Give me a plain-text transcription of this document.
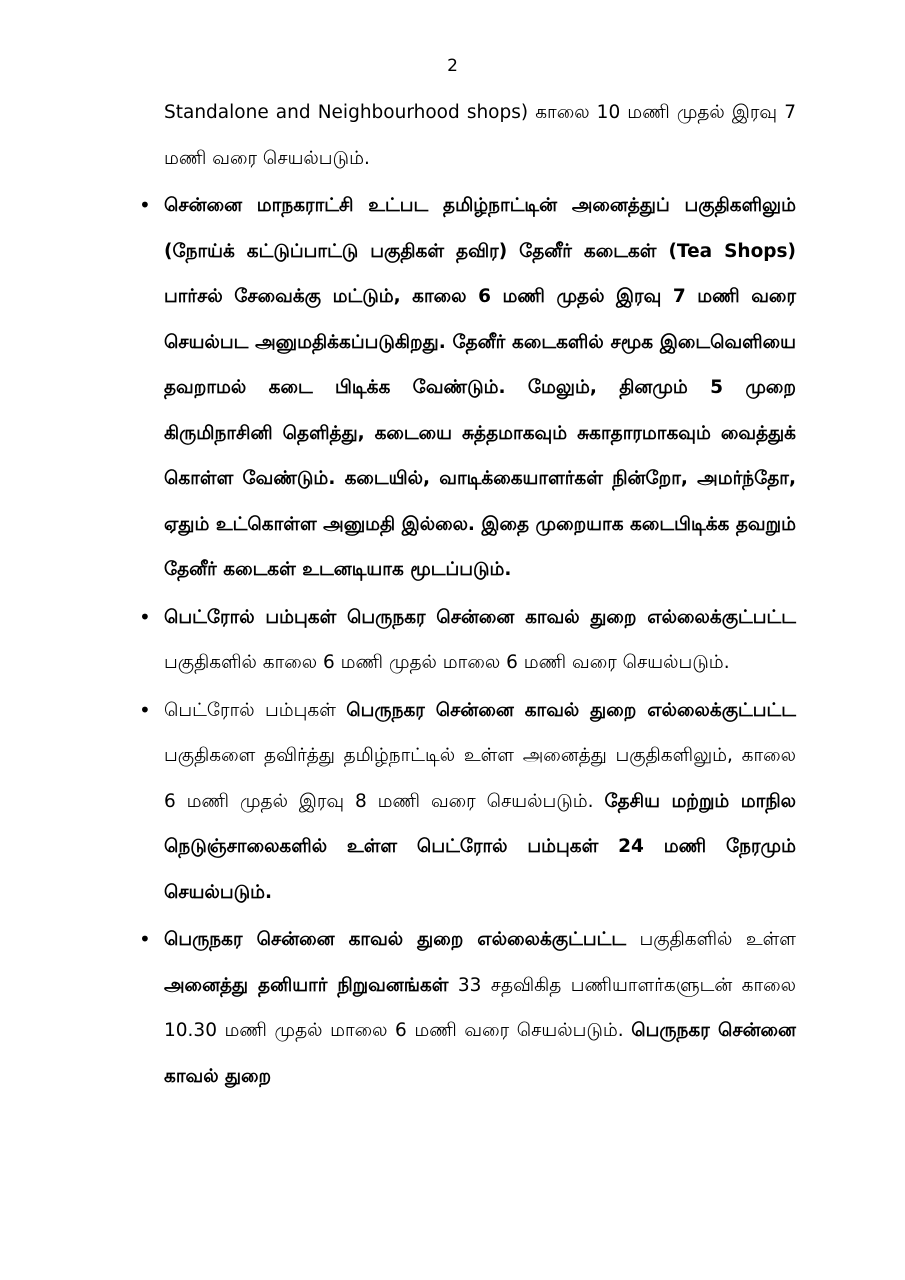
2

Standalone and Neighbourhood shops) காலை 10 மணி முதல் இரவு 7 மணி வரை செயல்படும்.

• சென்னை மாநகராட்சி உட்பட தமிழ்நாட்டின் அனைத்துப் பகுதிகளிலும் (நோய்க் கட்டுப்பாட்டு பகுதிகள் தவிர) தேனீர் கடைகள் (Tea Shops) பார்சல் சேவைக்கு மட்டும், காலை 6 மணி முதல் இரவு 7 மணி வரை செயல்பட அனுமதிக்கப்படுகிறது. தேனீர் கடைகளில் சமூக இடைவெளியை தவறாமல் கடை பிடிக்க வேண்டும். மேலும், தினமும் 5 முறை கிருமிநாசினி தெளித்து, கடையை சுத்தமாகவும் சுகாதாரமாகவும் வைத்துக் கொள்ள வேண்டும். கடையில், வாடிக்கையாளர்கள் நின்றோ, அமர்ந்தோ, ஏதும் உட்கொள்ள அனுமதி இல்லை. இதை முறையாக கடைபிடிக்க தவறும் தேனீர் கடைகள் உடனடியாக மூடப்படும்.

• பெட்ரோல் பம்புகள் பெருநகர சென்னை காவல் துறை எல்லைக்குட்பட்ட பகுதிகளில் காலை 6 மணி முதல் மாலை 6 மணி வரை செயல்படும்.

• பெட்ரோல் பம்புகள் பெருநகர சென்னை காவல் துறை எல்லைக்குட்பட்ட பகுதிகளை தவிர்த்து தமிழ்நாட்டில் உள்ள அனைத்து பகுதிகளிலும், காலை 6 மணி முதல் இரவு 8 மணி வரை செயல்படும். தேசிய மற்றும் மாநில நெடுஞ்சாலைகளில் உள்ள பெட்ரோல் பம்புகள் 24 மணி நேரமும் செயல்படும்.

• பெருநகர சென்னை காவல் துறை எல்லைக்குட்பட்ட பகுதிகளில் உள்ள அனைத்து தனியார் நிறுவனங்கள் 33 சதவிகித பணியாளர்களுடன் காலை 10.30 மணி முதல் மாலை 6 மணி வரை செயல்படும். பெருநகர சென்னை காவல் துறை
